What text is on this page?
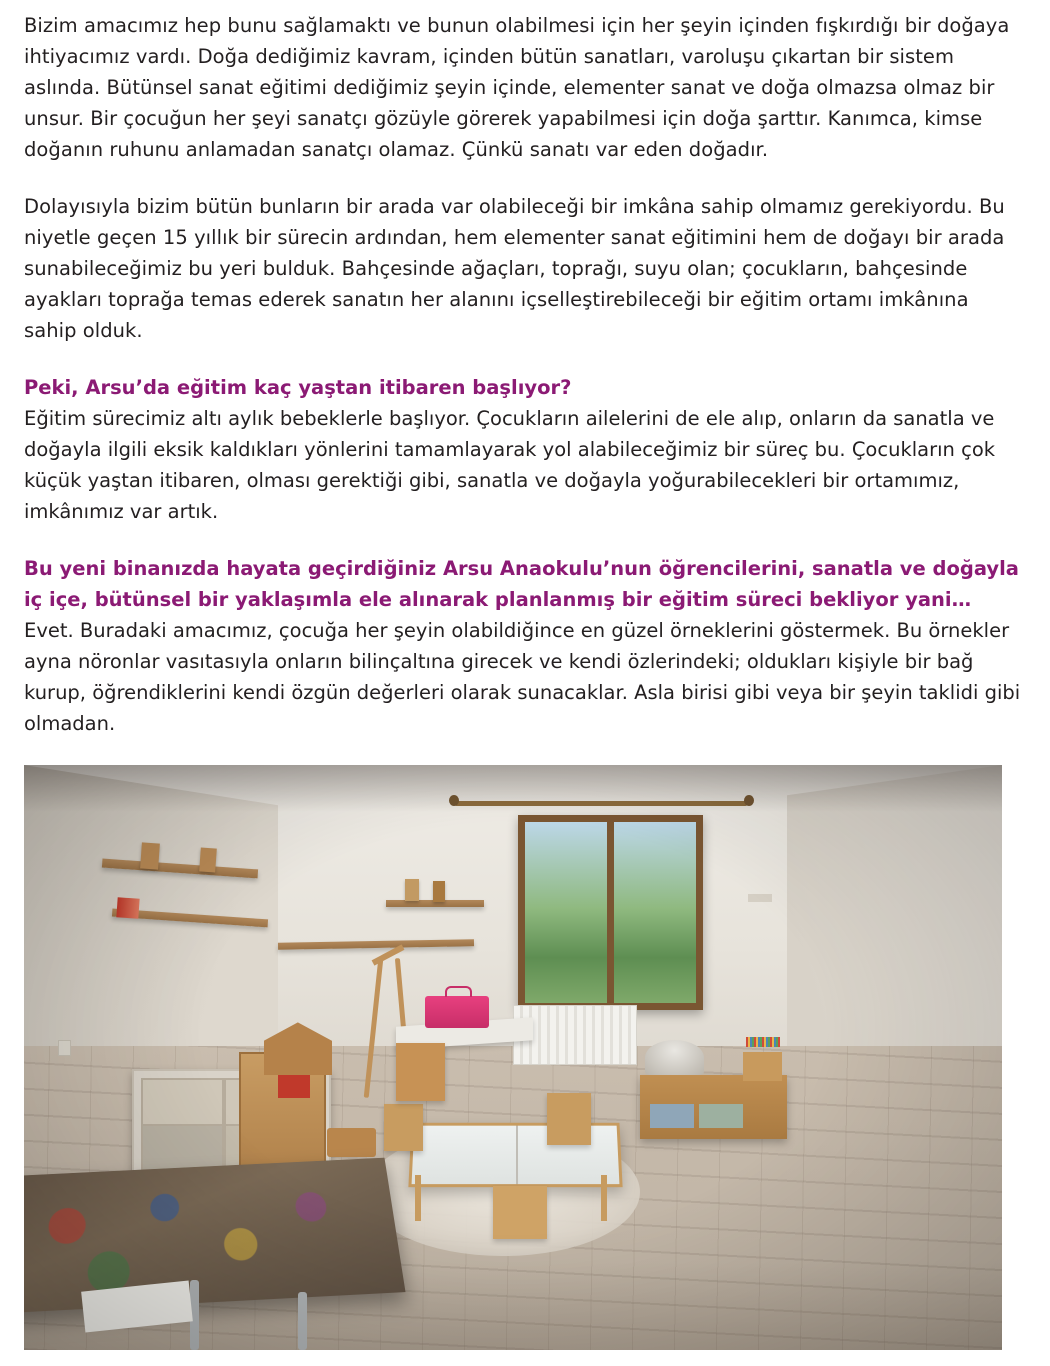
Bizim amacımız hep bunu sağlamaktı ve bunun olabilmesi için her şeyin içinden fışkırdığı bir doğaya ihtiyacımız vardı. Doğa dediğimiz kavram, içinden bütün sanatları, varoluşu çıkartan bir sistem aslında. Bütünsel sanat eğitimi dediğimiz şeyin içinde, elementer sanat ve doğa olmazsa olmaz bir unsur. Bir çocuğun her şeyi sanatçı gözüyle görerek yapabilmesi için doğa şarttır. Kanımca, kimse doğanın ruhunu anlamadan sanatçı olamaz. Çünkü sanatı var eden doğadır.

Dolayısıyla bizim bütün bunların bir arada var olabileceği bir imkâna sahip olmamız gerekiyordu. Bu niyetle geçen 15 yıllık bir sürecin ardından, hem elementer sanat eğitimini hem de doğayı bir arada sunabileceğimiz bu yeri bulduk. Bahçesinde ağaçları, toprağı, suyu olan; çocukların, bahçesinde ayakları toprağa temas ederek sanatın her alanını içselleştirebileceği bir eğitim ortamı imkânına sahip olduk.

Peki, Arsu’da eğitim kaç yaştan itibaren başlıyor?

Eğitim sürecimiz altı aylık bebeklerle başlıyor. Çocukların ailelerini de ele alıp, onların da sanatla ve doğayla ilgili eksik kaldıkları yönlerini tamamlayarak yol alabileceğimiz bir süreç bu. Çocukların çok küçük yaştan itibaren, olması gerektiği gibi, sanatla ve doğayla yoğurabilecekleri bir ortamımız, imkânımız var artık.

Bu yeni binanızda hayata geçirdiğiniz Arsu Anaokulu’nun öğrencilerini, sanatla ve doğayla iç içe, bütünsel bir yaklaşımla ele alınarak planlanmış bir eğitim süreci bekliyor yani…

Evet. Buradaki amacımız, çocuğa her şeyin olabildiğince en güzel örneklerini göstermek. Bu örnekler ayna nöronlar vasıtasıyla onların bilinçaltına girecek ve kendi özlerindeki; oldukları kişiyle bir bağ kurup, öğrendiklerini kendi özgün değerleri olarak sunacaklar. Asla birisi gibi veya bir şeyin taklidi gibi olmadan.
